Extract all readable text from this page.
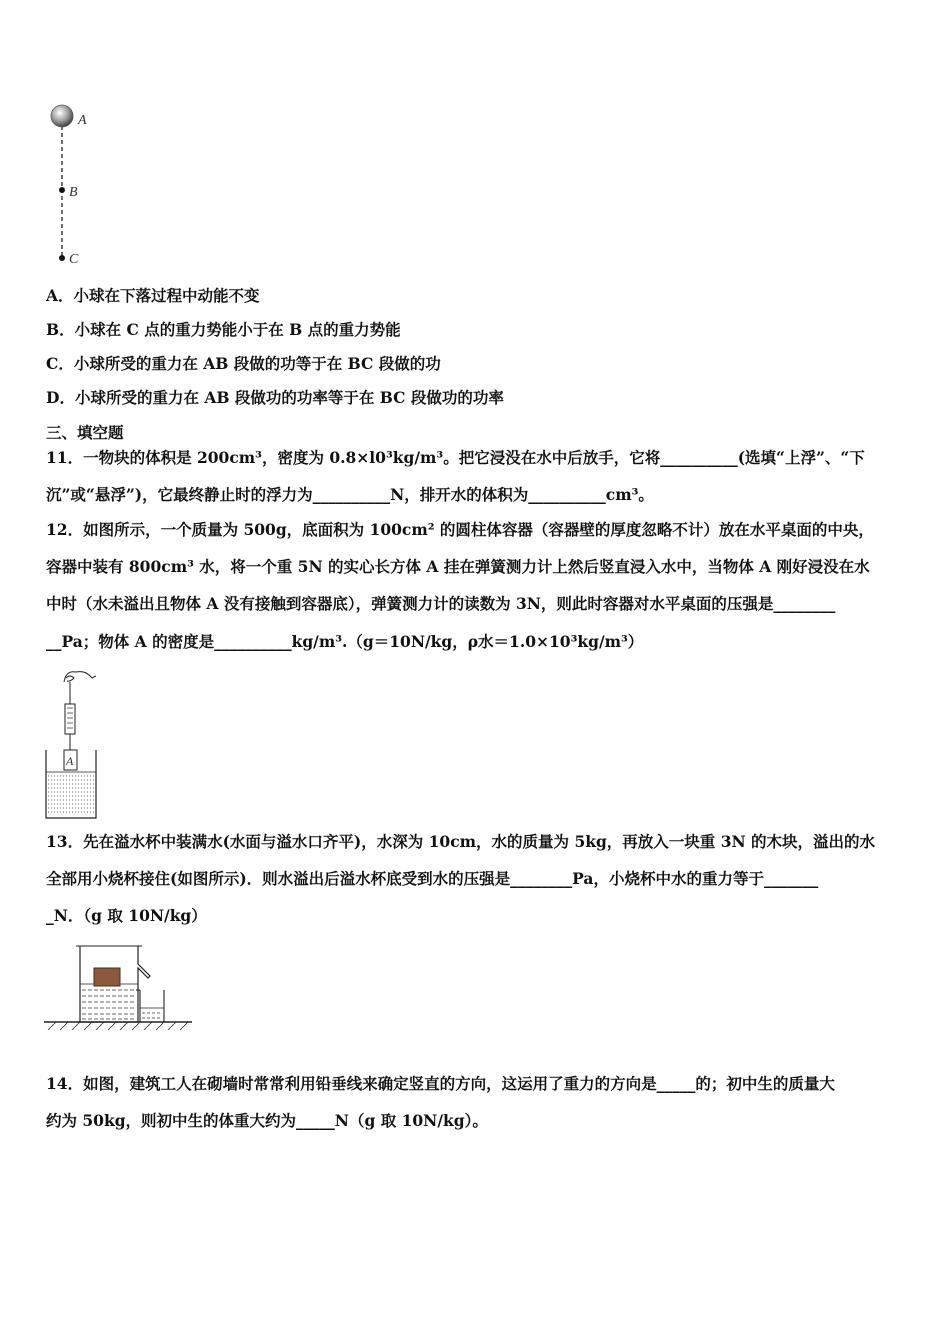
A
B
C
A．小球在下落过程中动能不变
B．小球在 C 点的重力势能小于在 B 点的重力势能
C．小球所受的重力在 AB 段做的功等于在 BC 段做的功
D．小球所受的重力在 AB 段做功的功率等于在 BC 段做功的功率
三、填空题
11．一物块的体积是 200cm³，密度为 0.8×l0³kg/m³。把它浸没在水中后放手，它将__________(选填“上浮”、“下
沉”或“悬浮”)，它最终静止时的浮力为__________N，排开水的体积为__________cm³。
12．如图所示，一个质量为 500g，底面积为 100cm² 的圆柱体容器（容器壁的厚度忽略不计）放在水平桌面的中央，
容器中装有 800cm³ 水，将一个重 5N 的实心长方体 A 挂在弹簧测力计上然后竖直浸入水中，当物体 A 刚好浸没在水
中时（水未溢出且物体 A 没有接触到容器底），弹簧测力计的读数为 3N，则此时容器对水平桌面的压强是________
__Pa；物体 A 的密度是__________kg/m³.（g＝10N/kg，ρ水＝1.0×10³kg/m³）
A
13．先在溢水杯中装满水(水面与溢水口齐平)，水深为 10cm，水的质量为 5kg，再放入一块重 3N 的木块，溢出的水
全部用小烧杯接住(如图所示)．则水溢出后溢水杯底受到水的压强是________Pa，小烧杯中水的重力等于_______
_N．（g 取 10N/kg）
14．如图，建筑工人在砌墙时常常利用铅垂线来确定竖直的方向，这运用了重力的方向是_____的；初中生的质量大
约为 50kg，则初中生的体重大约为_____N（g 取 10N/kg）。
